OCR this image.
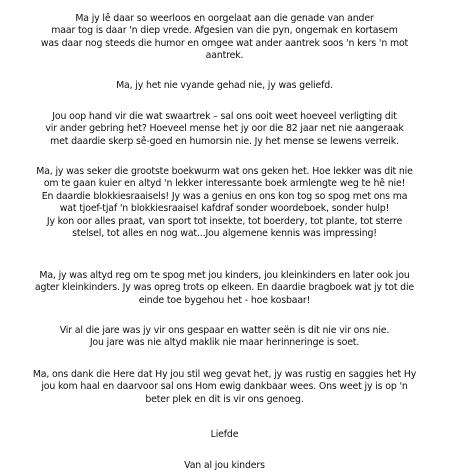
Ma jy lê daar so weerloos en oorgelaat aan die genade van ander
maar tog is daar 'n diep vrede. Afgesien van die pyn, ongemak en kortasem
was daar nog steeds die humor en omgee wat ander aantrek soos 'n kers 'n mot
aantrek.
Ma, jy het nie vyande gehad nie, jy was geliefd.
Jou oop hand vir die wat swaartrek – sal ons ooit weet hoeveel verligting dit
vir ander gebring het? Hoeveel mense het jy oor die 82 jaar net nie aangeraak
met daardie skerp sê-goed en humorsin nie. Jy het mense se lewens verreik.
Ma, jy was seker die grootste boekwurm wat ons geken het. Hoe lekker was dit nie
om te gaan kuier en altyd 'n lekker interessante boek armlengte weg te hê nie!
En daardie blokkiesraaisels! Jy was a genius en ons kon tog so spog met ons ma
wat tjoef-tjaf 'n blokkiesraaisel kafdraf sonder woordeboek, sonder hulp!
Jy kon oor alles praat, van sport tot insekte, tot boerdery, tot plante, tot sterre
stelsel, tot alles en nog wat...Jou algemene kennis was impressing!
Ma, jy was altyd reg om te spog met jou kinders, jou kleinkinders en later ook jou
agter kleinkinders. Jy was opreg trots op elkeen. En daardie bragboek wat jy tot die
einde toe bygehou het - hoe kosbaar!
Vir al die jare was jy vir ons gespaar en watter seën is dit nie vir ons nie.
Jou jare was nie altyd maklik nie maar herinneringe is soet.
Ma, ons dank die Here dat Hy jou stil weg gevat het, jy was rustig en saggies het Hy
jou kom haal en daarvoor sal ons Hom ewig dankbaar wees. Ons weet jy is op 'n
beter plek en dit is vir ons genoeg.
Liefde
Van al jou kinders
